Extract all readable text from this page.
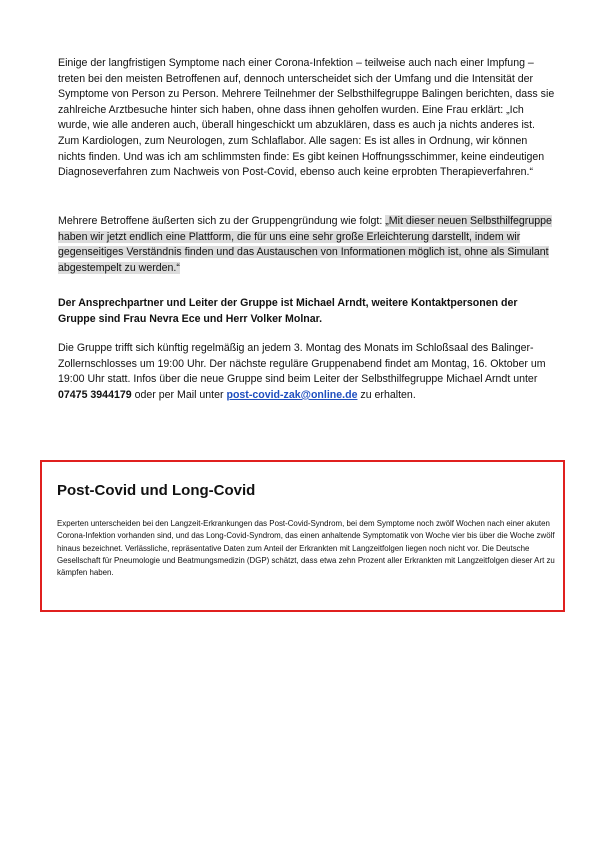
Einige der langfristigen Symptome nach einer Corona-Infektion – teilweise auch nach einer Impfung – treten bei den meisten Betroffenen auf, dennoch unterscheidet sich der Umfang und die Intensität der Symptome von Person zu Person. Mehrere Teilnehmer der Selbsthilfegruppe Balingen berichten, dass sie zahlreiche Arztbesuche hinter sich haben, ohne dass ihnen geholfen wurden. Eine Frau erklärt: „Ich wurde, wie alle anderen auch, überall hingeschickt um abzuklären, dass es auch ja nichts anderes ist. Zum Kardiologen, zum Neurologen, zum Schlaflabor. Alle sagen: Es ist alles in Ordnung, wir können nichts finden. Und was ich am schlimmsten finde: Es gibt keinen Hoffnungsschimmer, keine eindeutigen Diagnoseverfahren zum Nachweis von Post-Covid, ebenso auch keine erprobten Therapieverfahren.“

Mehrere Betroffene äußerten sich zu der Gruppengründung wie folgt: „Mit dieser neuen Selbsthilfegruppe haben wir jetzt endlich eine Plattform, die für uns eine sehr große Erleichterung darstellt, indem wir gegenseitiges Verständnis finden und das Austauschen von Informationen möglich ist, ohne als Simulant abgestempelt zu werden.“

Der Ansprechpartner und Leiter der Gruppe ist Michael Arndt, weitere Kontaktpersonen der Gruppe sind Frau Nevra Ece und Herr Volker Molnar.

Die Gruppe trifft sich künftig regelmäßig an jedem 3. Montag des Monats im Schloßsaal des Balinger-Zollernschlosses um 19:00 Uhr. Der nächste reguläre Gruppenabend findet am Montag, 16. Oktober um 19:00 Uhr statt. Infos über die neue Gruppe sind beim Leiter der Selbsthilfegruppe Michael Arndt unter 07475 3944179 oder per Mail unter post-covid-zak@online.de zu erhalten.

Post-Covid und Long-Covid

Experten unterscheiden bei den Langzeit-Erkrankungen das Post-Covid-Syndrom, bei dem Symptome noch zwölf Wochen nach einer akuten Corona-Infektion vorhanden sind, und das Long-Covid-Syndrom, das einen anhaltende Symptomatik von Woche vier bis über die Woche zwölf hinaus bezeichnet. Verlässliche, repräsentative Daten zum Anteil der Erkrankten mit Langzeitfolgen liegen noch nicht vor. Die Deutsche Gesellschaft für Pneumologie und Beatmungsmedizin (DGP) schätzt, dass etwa zehn Prozent aller Erkrankten mit Langzeitfolgen dieser Art zu kämpfen haben.
